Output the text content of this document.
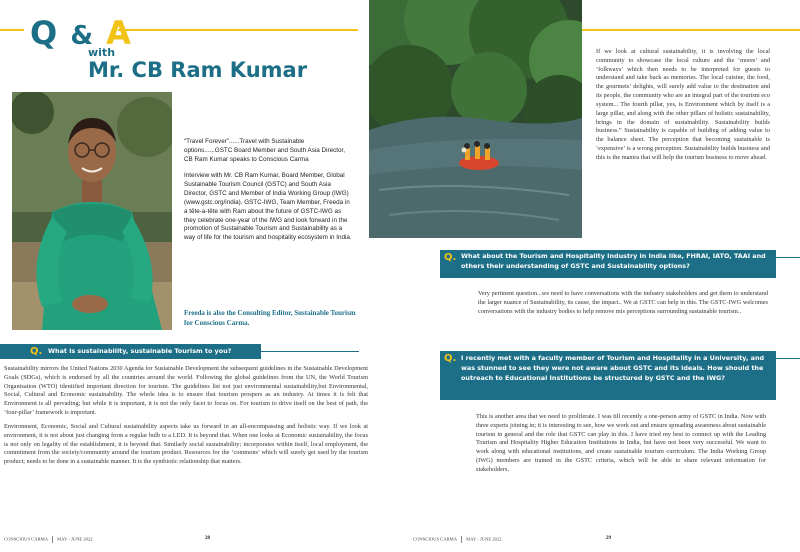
Q & A
with
Mr. CB Ram Kumar

“Travel Forever”......Travel with Sustainable options......GSTC Board Member and South Asia Director, CB Ram Kumar speaks to Conscious Carma

Interview with Mr. CB Ram Kumar, Board Member, Global Sustainable Tourism Council (GSTC) and South Asia Director, GSTC and Member of India Working Group (IWG) (www.gstc.org/india). GSTC-IWG, Team Member, Freeda in a tête-a-tête with Ram about the future of GSTC-IWG as they celebrate one-year of the IWG and look forward in the promotion of Sustainable Tourism and Sustainability as a way of life for the tourism and hospitality ecosystem in India.

Freeda is also the Consulting Editor, Sustainable Tourism for Conscious Carma.
Q. What is sustainability, sustainable Tourism to you?

Sustainability mirrors the United Nations 2030 Agenda for Sustainable Development the subsequent guidelines in the Sustainable Development Goals (SDGs), which is endorsed by all the countries around the world. Following the global guidelines from the UN, the World Tourism Organisation (WTO) identified important direction for tourism. The guidelines list not just environmental sustainability,but Environmental, Social, Cultural and Economic sustainability. The whole idea is to ensure that tourism prospers as an industry. At times it is felt that Environment is all pervading; but while it is important, it is not the only facet to focus on. For tourism to drive itself on the best of path, the ‘four-pillar’ framework is important.

Environment, Economic, Social and Cultural sustainability aspects take us forward in an all-encompassing and holistic way. If we look at environment, it is not about just changing from a regular bulb to a LED. It is beyond that. When one looks at Economic sustainability, the focus is not only on legality of the establishment, it is beyond that. Similarly social sustainability; incorporates within itself, local employment, the commitment from the society/community around the tourism product. Resources for the ‘commons’ which will surely get used by the tourism product; needs to be done in a sustainable manner. It is the symbiotic relationship that matters.

CONSCIOUS CARMA MAY - JUNE 2022	28
If we look at cultural sustainability, it is involving the local community to showcase the local culture and the ‘mores’ and ‘folkways’ which then needs to be interpreted for guests to understand and take back as memories. The local cuisine, the food, the gourmets’ delights, will surely add value to the destination and its people, the community who are an integral part of the tourism eco system... The fourth pillar, yes, is Environment which by itself is a large pillar, and along with the other pillars of holistic sustainability, brings in the domain of sustainability. Sustainability builds business.” Sustainability is capable of building of adding value to the balance sheet. The perception that becoming sustainable is ‘expensive’ is a wrong perception. Sustainability builds business and this is the mantra that will help the tourism business to move ahead.
Q. What about the Tourism and Hospitality Industry in India like, FHRAI, IATO, TAAI and others their understanding of GSTC and Sustainability options?
Very pertinent question...we need to have conversations with the industry stakeholders and get them to understand the larger nuance of Sustainability, its cause, the impact.. We at GSTC can help in this. The GSTC-IWG welcomes conversations with the industry bodies to help remove mis perceptions surrounding sustainable tourism..
Q. I recently met with a faculty member of Tourism and Hospitality in a University, and was stunned to see they were not aware about GSTC and its ideals. How should the outreach to Educational Institutions be structured by GSTC and the IWG?
This is another area that we need to proliferate. I was till recently a one-person army of GSTC in India. Now with three experts joining in; it is interesting to see, how we work out and ensure spreading awareness about sustainable tourism in general and the role that GSTC can play in this. I have tried my best to connect up with the Leading Tourism and Hospitality Higher Education Institutions in India, but have not been very successful. We want to work along with educational institutions, and create sustainable tourism curriculum. The India Working Group (IWG) members are trained in the GSTC criteria, which will be able to share relevant information for stakeholders.
CONSCIOUS CARMA MAY - JUNE 2022	29
